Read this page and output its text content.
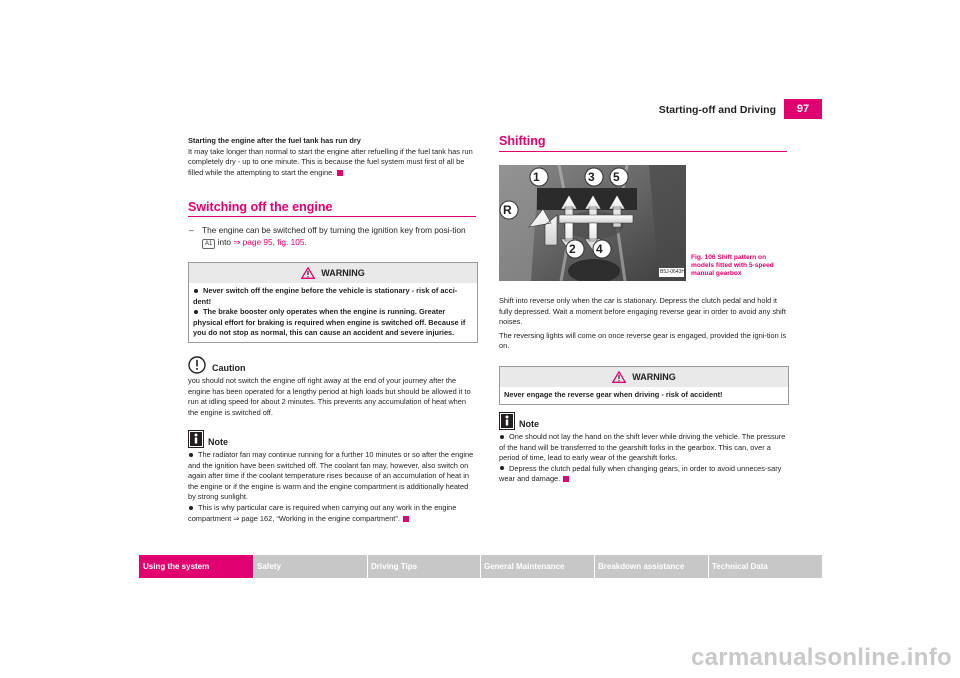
Starting-off and Driving	97

Starting the engine after the fuel tank has run dry

It may take longer than normal to start the engine after refuelling if the fuel tank has run completely dry - up to one minute. This is because the fuel system must first of all be filled while the attempting to start the engine.

Switching off the engine
–	The engine can be switched off by turning the ignition key from posi-tion A1 into ⇒ page 95, fig. 105.
WARNING

Never switch off the engine before the vehicle is stationary - risk of acci-dent!

The brake booster only operates when the engine is running. Greater physical effort for braking is required when engine is switched off. Because if you do not stop as normal, this can cause an accident and severe injuries.

Caution

you should not switch the engine off right away at the end of your journey after the engine has been operated for a lengthy period at high loads but should be allowed it to run at idling speed for about 2 minutes. This prevents any accumulation of heat when the engine is switched off.

Note

The radiator fan may continue running for a further 10 minutes or so after the engine and the ignition have been switched off. The coolant fan may, however, also switch on again after time if the coolant temperature rises because of an accumulation of heat in the engine or if the engine is warm and the engine compartment is additionally heated by strong sunlight.

This is why particular care is required when carrying out any work in the engine compartment ⇒ page 162, “Working in the engine compartment”.

Shifting
1	3 5
R
2 4
B5J-0643H
Fig. 106 Shift pattern on models fitted with 5-speed manual gearbox

Shift into reverse only when the car is stationary. Depress the clutch pedal and hold it fully depressed. Wait a moment before engaging reverse gear in order to avoid any shift noises.

The reversing lights will come on once reverse gear is engaged, provided the igni-tion is on.

WARNING
Never engage the reverse gear when driving - risk of accident!
Note

One should not lay the hand on the shift lever while driving the vehicle. The pressure of the hand will be transferred to the gearshift forks in the gearbox. This can, over a period of time, lead to early wear of the gearshift forks.

Depress the clutch pedal fully when changing gears, in order to avoid unneces-sary wear and damage.

Using the system	Safety	Driving Tips	General Maintenance	Breakdown assistance	Technical Data
carmanualsonline.info
